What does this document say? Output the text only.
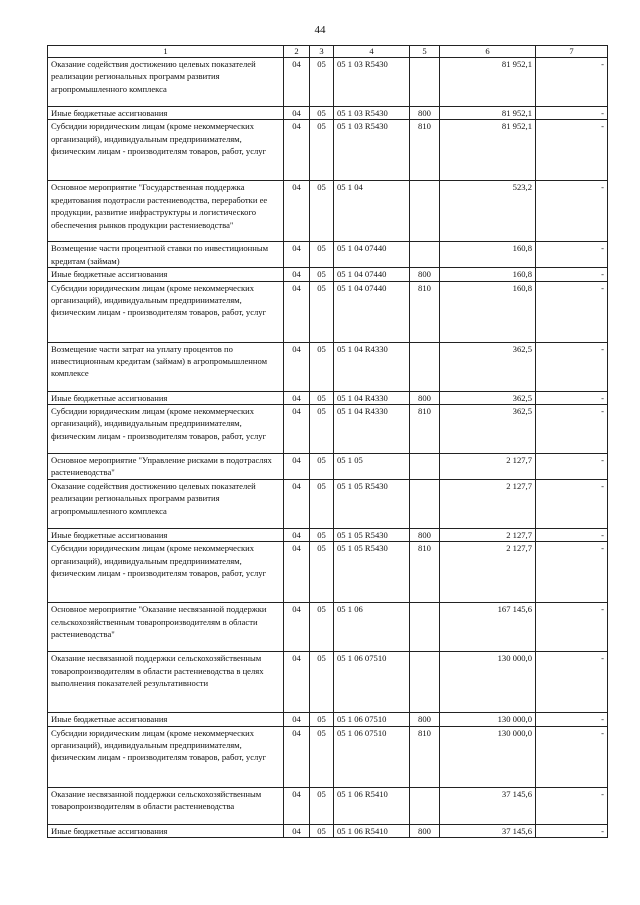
44
1	2	3	4	5	6	7
Оказание содействия достижению целевых показателей реализации региональных программ развития агропромышленного комплекса	04	05	05 1 03 R5430		81 952,1	-
Иные бюджетные ассигнования	04	05	05 1 03 R5430	800	81 952,1	-
Субсидии юридическим лицам (кроме некоммерческих организаций), индивидуальным предпринимателям, физическим лицам - производителям товаров, работ, услуг	04	05	05 1 03 R5430	810	81 952,1	-
Основное мероприятие "Государственная поддержка кредитования подотрасли растениеводства, переработки ее продукции, развитие инфраструктуры и логистического обеспечения рынков продукции растениеводства"	04	05	05 1 04		523,2	-
Возмещение части процентной ставки по инвестиционным кредитам (займам)	04	05	05 1 04 07440		160,8	-
Иные бюджетные ассигнования	04	05	05 1 04 07440	800	160,8	-
Субсидии юридическим лицам (кроме некоммерческих организаций), индивидуальным предпринимателям, физическим лицам - производителям товаров, работ, услуг	04	05	05 1 04 07440	810	160,8	-
Возмещение части затрат на уплату процентов по инвестиционным кредитам (займам) в агропромышленном комплексе	04	05	05 1 04 R4330		362,5	-
Иные бюджетные ассигнования	04	05	05 1 04 R4330	800	362,5	-
Субсидии юридическим лицам (кроме некоммерческих организаций), индивидуальным предпринимателям, физическим лицам - производителям товаров, работ, услуг	04	05	05 1 04 R4330	810	362,5	-
Основное мероприятие "Управление рисками в подотраслях растениеводства"	04	05	05 1 05		2 127,7	-
Оказание содействия достижению целевых показателей реализации региональных программ развития агропромышленного комплекса	04	05	05 1 05 R5430		2 127,7	-
Иные бюджетные ассигнования	04	05	05 1 05 R5430	800	2 127,7	-
Субсидии юридическим лицам (кроме некоммерческих организаций), индивидуальным предпринимателям, физическим лицам - производителям товаров, работ, услуг	04	05	05 1 05 R5430	810	2 127,7	-
Основное мероприятие "Оказание несвязанной поддержки сельскохозяйственным товаропроизводителям в области растениеводства"	04	05	05 1 06		167 145,6	-
Оказание несвязанной поддержки сельскохозяйственным товаропроизводителям в области растениеводства в целях выполнения показателей результативности	04	05	05 1 06 07510		130 000,0	-
Иные бюджетные ассигнования	04	05	05 1 06 07510	800	130 000,0	-
Субсидии юридическим лицам (кроме некоммерческих организаций), индивидуальным предпринимателям, физическим лицам - производителям товаров, работ, услуг	04	05	05 1 06 07510	810	130 000,0	-
Оказание несвязанной поддержки сельскохозяйственным товаропроизводителям в области растениеводства	04	05	05 1 06 R5410		37 145,6	-
Иные бюджетные ассигнования	04	05	05 1 06 R5410	800	37 145,6	-
